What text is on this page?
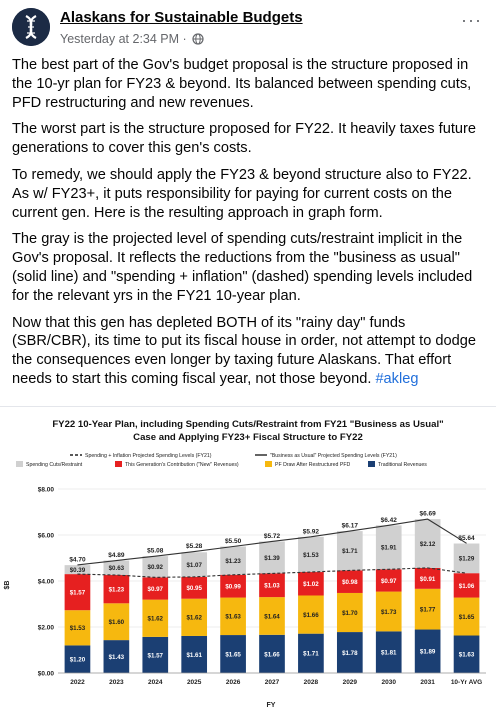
Alaskans for Sustainable Budgets
Yesterday at 2:34 PM ·
···

The best part of the Gov's budget proposal is the structure proposed in the 10-yr plan for FY23 & beyond. Its balanced between spending cuts, PFD restructuring and new revenues.

The worst part is the structure proposed for FY22. It heavily taxes future generations to cover this gen's costs.

To remedy, we should apply the FY23 & beyond structure also to FY22. As w/ FY23+, it puts responsibility for paying for current costs on the current gen. Here is the resulting approach in graph form.

The gray is the projected level of spending cuts/restraint implicit in the Gov's proposal. It reflects the reductions from the "business as usual" (solid line) and "spending + inflation" (dashed) spending levels included for the relevant yrs in the FY21 10-year plan.

Now that this gen has depleted BOTH of its "rainy day" funds (SBR/CBR), its time to put its fiscal house in order, not attempt to dodge the consequences even longer by taxing future Alaskans. That effort needs to start this coming fiscal year, not those beyond. #akleg

FY22 10-Year Plan, including Spending Cuts/Restraint from FY21 "Business as Usual"
Case and Applying FY23+ Fiscal Structure to FY22
Spending + Inflation Projected Spending Levels (FY21)	"Business as Usual" Projected Spending Levels (FY21)
Spending Cuts/Restraint	This Generation's Contribution ("New" Revenues)	PF Draw After Restructured PFD	Traditional Revenues
$0.00
$2.00
$4.00
$6.00
$8.00
$1.20
$1.53
$1.57
$0.39
$4.70
2022
$1.43
$1.60
$1.23
$0.63
$4.89
2023
$1.57
$1.62
$0.97
$0.92
$5.08
2024
$1.61
$1.62
$0.95
$1.07
$5.28
2025
$1.65
$1.63
$0.99
$1.23
$5.50
2026
$1.66
$1.64
$1.03
$1.39
$5.72
2027
$1.71
$1.66
$1.02
$1.53
$5.92
2028
$1.78
$1.70
$0.98
$1.71
$6.17
2029
$1.81
$1.73
$0.97
$1.91
$6.42
2030
$1.89
$1.77
$0.91
$2.12
$6.69
2031
$1.63
$1.65
$1.06
$1.29
$5.64
10-Yr AVG
$B
FY
